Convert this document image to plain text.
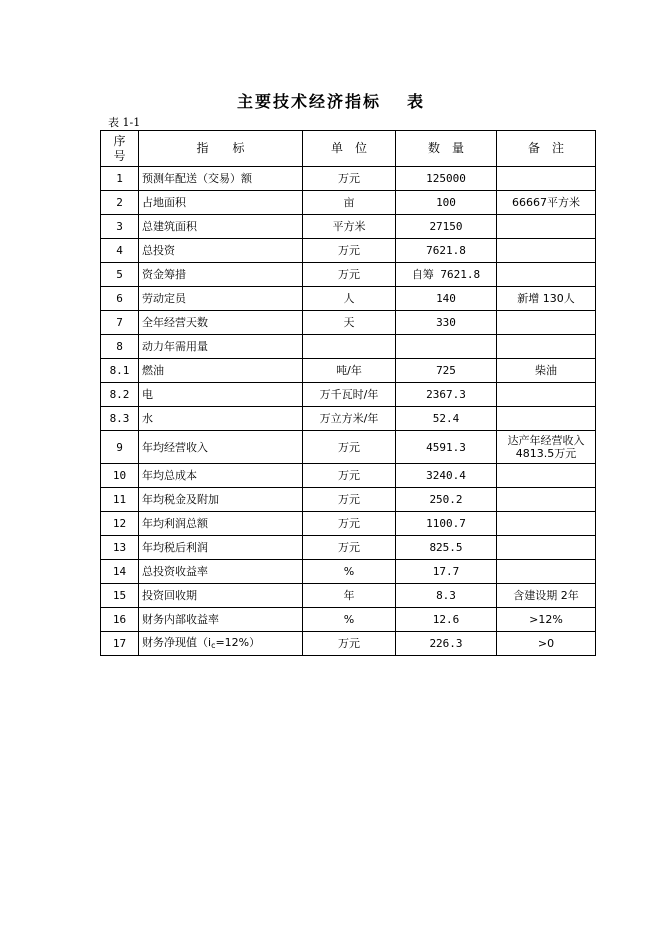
主要技术经济指标 表
表 1-1
序
号	指　　标	单　位	数　量	备　注
1	预测年配送（交易）额	万元	125000	
2	占地面积	亩	100	66667平方米
3	总建筑面积	平方米	27150	
4	总投资	万元	7621.8	
5	资金筹措	万元	自筹 7621.8	
6	劳动定员	人	140	新增 130人
7	全年经营天数	天	330	
8	动力年需用量			
8.1	燃油	吨/年	725	柴油
8.2	电	万千瓦时/年	2367.3	
8.3	水	万立方米/年	52.4	
9	年均经营收入	万元	4591.3	达产年经营收入 4813.5万元
10	年均总成本	万元	3240.4	
11	年均税金及附加	万元	250.2	
12	年均利润总额	万元	1100.7	
13	年均税后利润	万元	825.5	
14	总投资收益率	%	17.7	
15	投资回收期	年	8.3	含建设期 2年
16	财务内部收益率	%	12.6	>12%
17	财务净现值$(i_c=12\%)$	万元	226.3	>0
